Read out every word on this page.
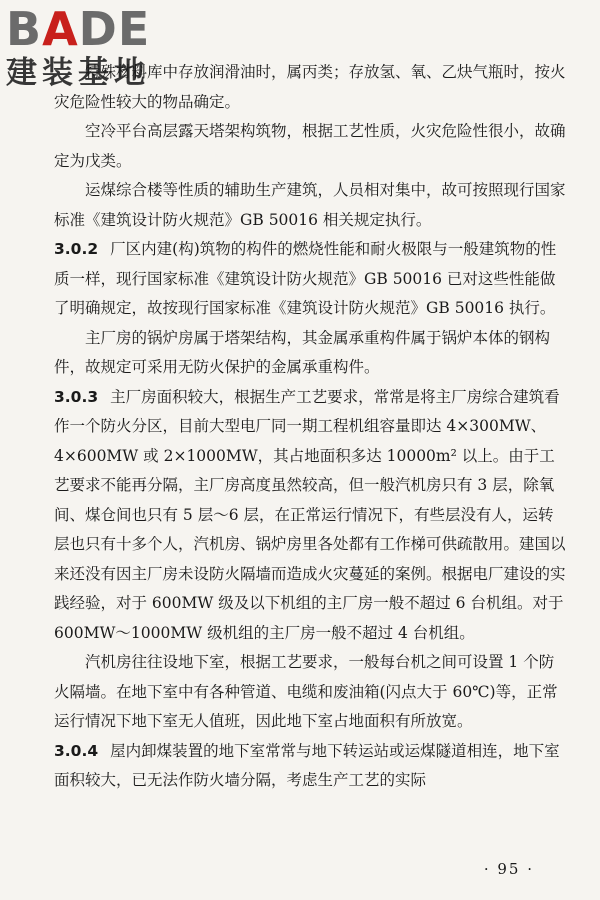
BADE
建装基地

特殊材料库中存放润滑油时，属丙类；存放氢、氧、乙炔气瓶时，按火灾危险性较大的物品确定。

空冷平台高层露天塔架构筑物，根据工艺性质，火灾危险性很小，故确定为戊类。

运煤综合楼等性质的辅助生产建筑，人员相对集中，故可按照现行国家标准《建筑设计防火规范》GB 50016 相关规定执行。

3.0.2 厂区内建(构)筑物的构件的燃烧性能和耐火极限与一般建筑物的性质一样，现行国家标准《建筑设计防火规范》GB 50016 已对这些性能做了明确规定，故按现行国家标准《建筑设计防火规范》GB 50016 执行。

主厂房的锅炉房属于塔架结构，其金属承重构件属于锅炉本体的钢构件，故规定可采用无防火保护的金属承重构件。

3.0.3 主厂房面积较大，根据生产工艺要求，常常是将主厂房综合建筑看作一个防火分区，目前大型电厂同一期工程机组容量即达 4×300MW、4×600MW 或 2×1000MW，其占地面积多达 10000m² 以上。由于工艺要求不能再分隔，主厂房高度虽然较高，但一般汽机房只有 3 层，除氧间、煤仓间也只有 5 层～6 层，在正常运行情况下，有些层没有人，运转层也只有十多个人，汽机房、锅炉房里各处都有工作梯可供疏散用。建国以来还没有因主厂房未设防火隔墙而造成火灾蔓延的案例。根据电厂建设的实践经验，对于 600MW 级及以下机组的主厂房一般不超过 6 台机组。对于 600MW～1000MW 级机组的主厂房一般不超过 4 台机组。

汽机房往往设地下室，根据工艺要求，一般每台机之间可设置 1 个防火隔墙。在地下室中有各种管道、电缆和废油箱(闪点大于 60℃)等，正常运行情况下地下室无人值班，因此地下室占地面积有所放宽。

3.0.4 屋内卸煤装置的地下室常常与地下转运站或运煤隧道相连，地下室面积较大，已无法作防火墙分隔，考虑生产工艺的实际

· 95 ·
